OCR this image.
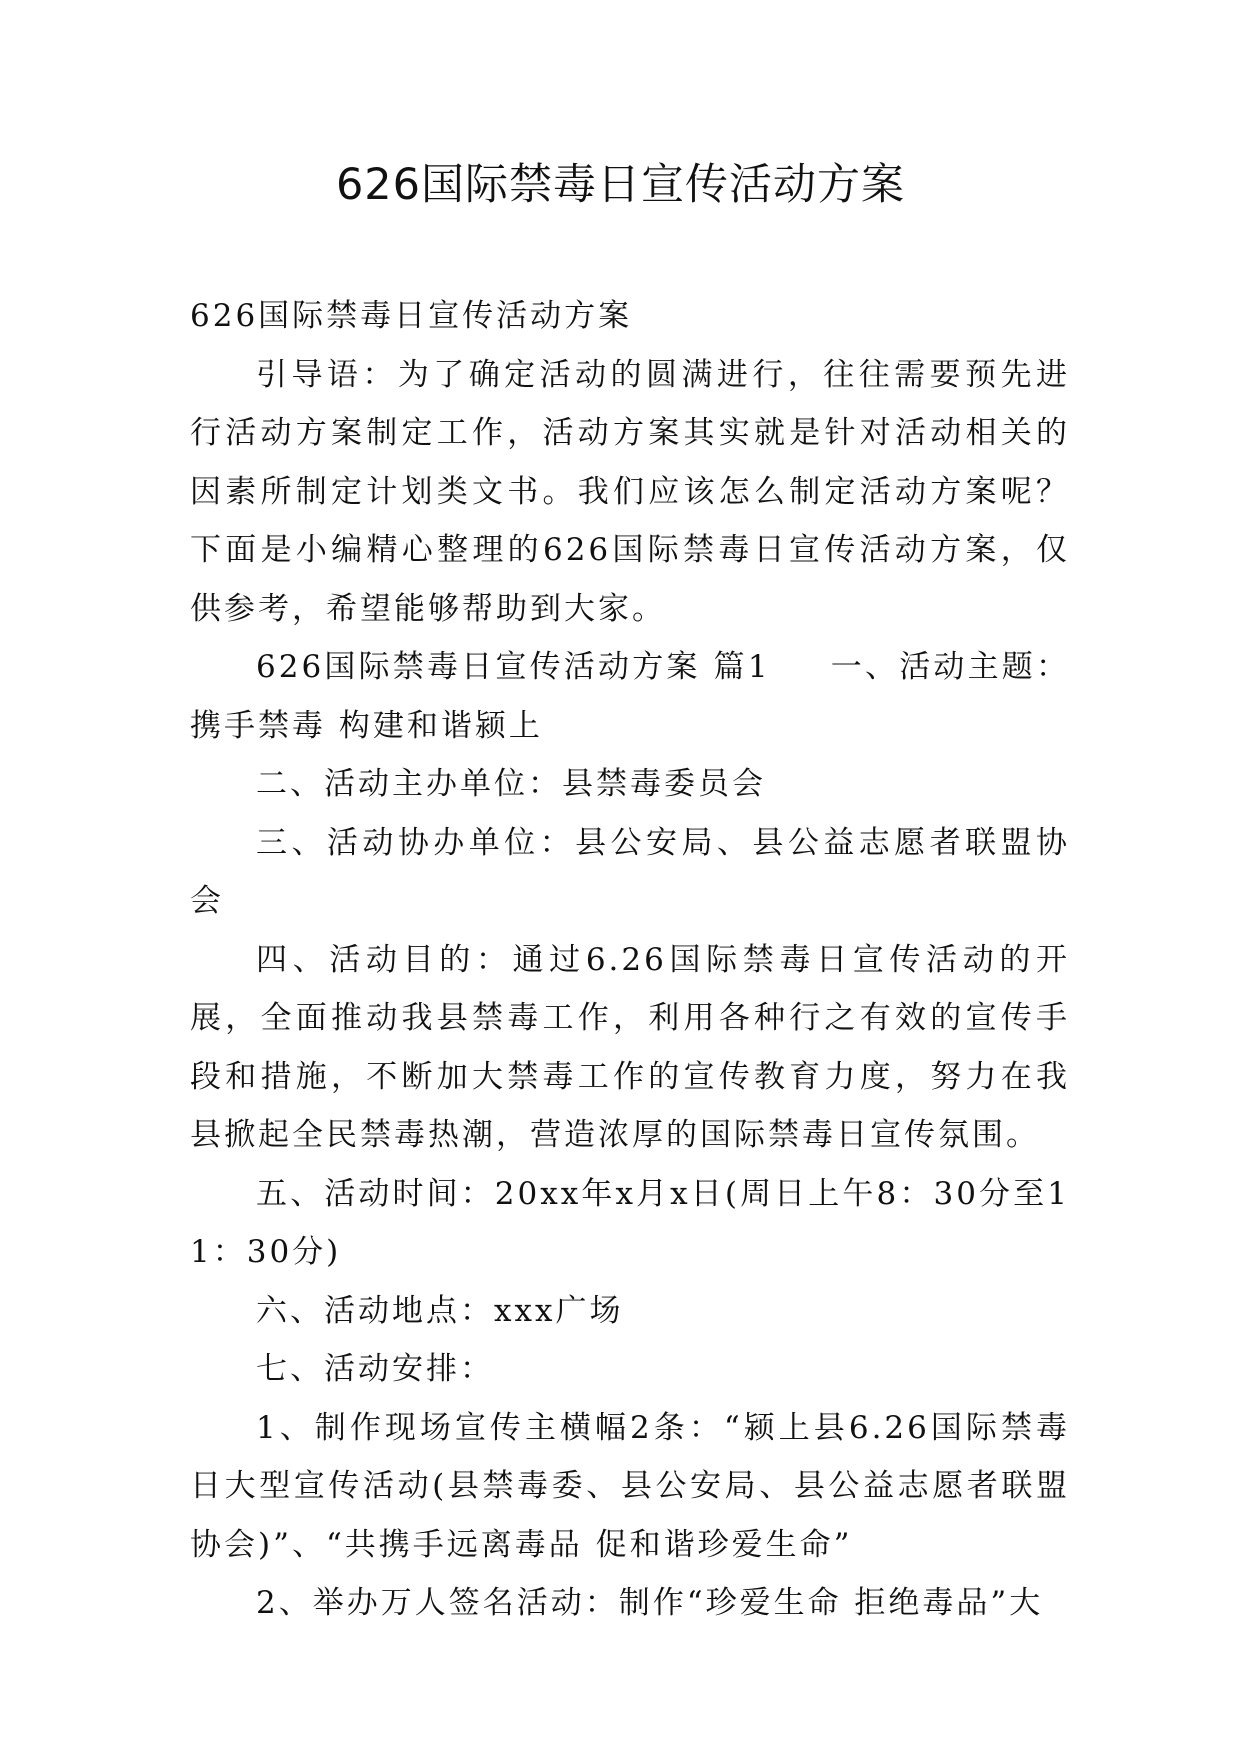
626国际禁毒日宣传活动方案

626国际禁毒日宣传活动方案

引导语：为了确定活动的圆满进行，往往需要预先进行活动方案制定工作，活动方案其实就是针对活动相关的因素所制定计划类文书。我们应该怎么制定活动方案呢？下面是小编精心整理的626国际禁毒日宣传活动方案，仅供参考，希望能够帮助到大家。

626国际禁毒日宣传活动方案 篇1 一、活动主题：携手禁毒 构建和谐颍上

二、活动主办单位：县禁毒委员会

三、活动协办单位：县公安局、县公益志愿者联盟协会

四、活动目的：通过6.26国际禁毒日宣传活动的开展，全面推动我县禁毒工作，利用各种行之有效的宣传手段和措施，不断加大禁毒工作的宣传教育力度，努力在我县掀起全民禁毒热潮，营造浓厚的国际禁毒日宣传氛围。

五、活动时间：20xx年x月x日(周日上午8：30分至11：30分)

六、活动地点：xxx广场

七、活动安排：

1、制作现场宣传主横幅2条：“颍上县6.26国际禁毒日大型宣传活动(县禁毒委、县公安局、县公益志愿者联盟协会)”、“共携手远离毒品 促和谐珍爱生命”

2、举办万人签名活动：制作“珍爱生命 拒绝毒品”大
